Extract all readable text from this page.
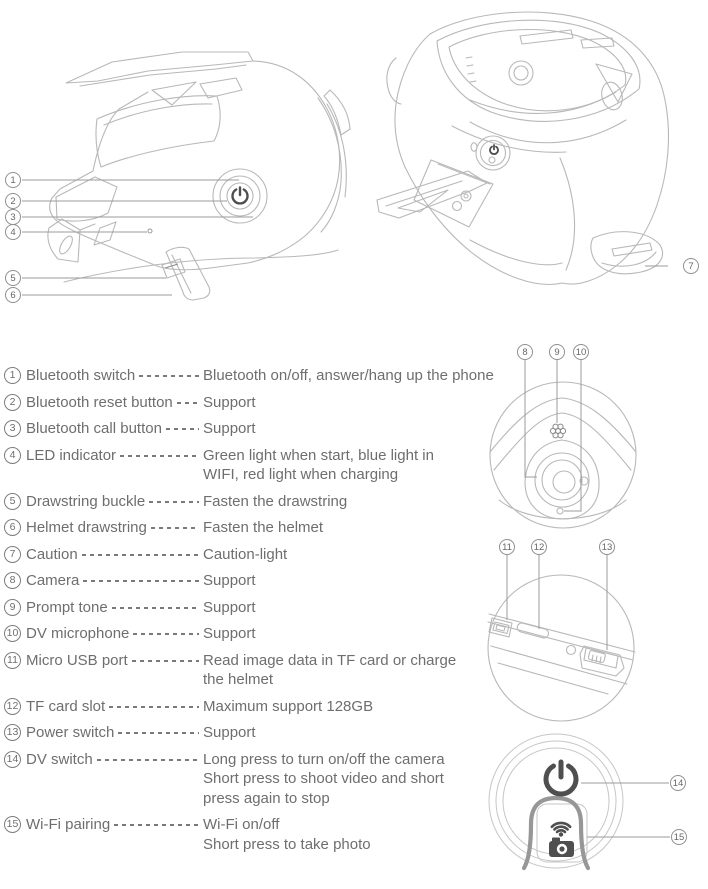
1
2
3
4
5
6
7
8	9	10
11	12	13
14
15
1 Bluetooth switch	Bluetooth on/off, answer/hang up the phone
2 Bluetooth reset button Support
3 Bluetooth call button	Support
4 LED indicator	Green light when start, blue light in
WIFI, red light when charging
5 Drawstring buckle	Fasten the drawstring
6 Helmet drawstring	Fasten the helmet
7 Caution	Caution-light
8 Camera	Support
9 Prompt tone	Support
10 DV microphone	Support
11 Micro USB port	Read image data in TF card or charge
the helmet
12 TF card slot	Maximum support 128GB
13 Power switch	Support
14 DV switch	Long press to turn on/off the camera
Short press to shoot video and short
press again to stop
15 Wi-Fi pairing	Wi-Fi on/off
Short press to take photo
